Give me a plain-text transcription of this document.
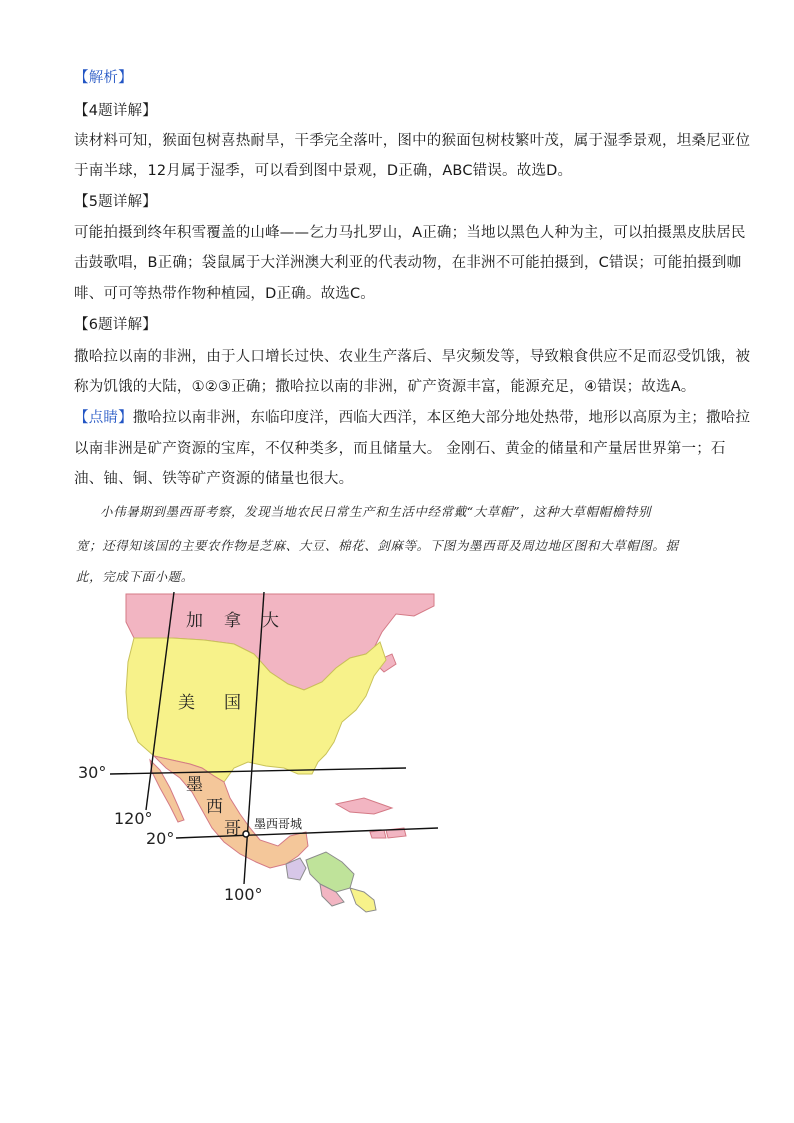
【解析】
【4题详解】
读材料可知，猴面包树喜热耐旱，干季完全落叶，图中的猴面包树枝繁叶茂，属于湿季景观，坦桑尼亚位
于南半球，12月属于湿季，可以看到图中景观，D正确，ABC错误。故选D。
【5题详解】
可能拍摄到终年积雪覆盖的山峰——乞力马扎罗山，A正确；当地以黑色人种为主，可以拍摄黑皮肤居民
击鼓歌唱，B正确；袋鼠属于大洋洲澳大利亚的代表动物，在非洲不可能拍摄到，C错误；可能拍摄到咖
啡、可可等热带作物种植园，D正确。故选C。
【6题详解】
撒哈拉以南的非洲，由于人口增长过快、农业生产落后、旱灾频发等，导致粮食供应不足而忍受饥饿，被
称为饥饿的大陆，①②③正确；撒哈拉以南的非洲，矿产资源丰富，能源充足，④错误；故选A。
【点睛】撒哈拉以南非洲，东临印度洋，西临大西洋，本区绝大部分地处热带，地形以高原为主；撒哈拉
以南非洲是矿产资源的宝库，不仅种类多，而且储量大。 金刚石、黄金的储量和产量居世界第一；石
油、铀、铜、铁等矿产资源的储量也很大。
小伟暑期到墨西哥考察，发现当地农民日常生产和生活中经常戴“大草帽”，这种大草帽帽檐特别
宽；还得知该国的主要农作物是芝麻、大豆、棉花、剑麻等。下图为墨西哥及周边地区图和大草帽图。据
此，完成下面小题。
加 拿 大
美 国
墨
西
哥 墨西哥城
30°
20°
120°
100°
